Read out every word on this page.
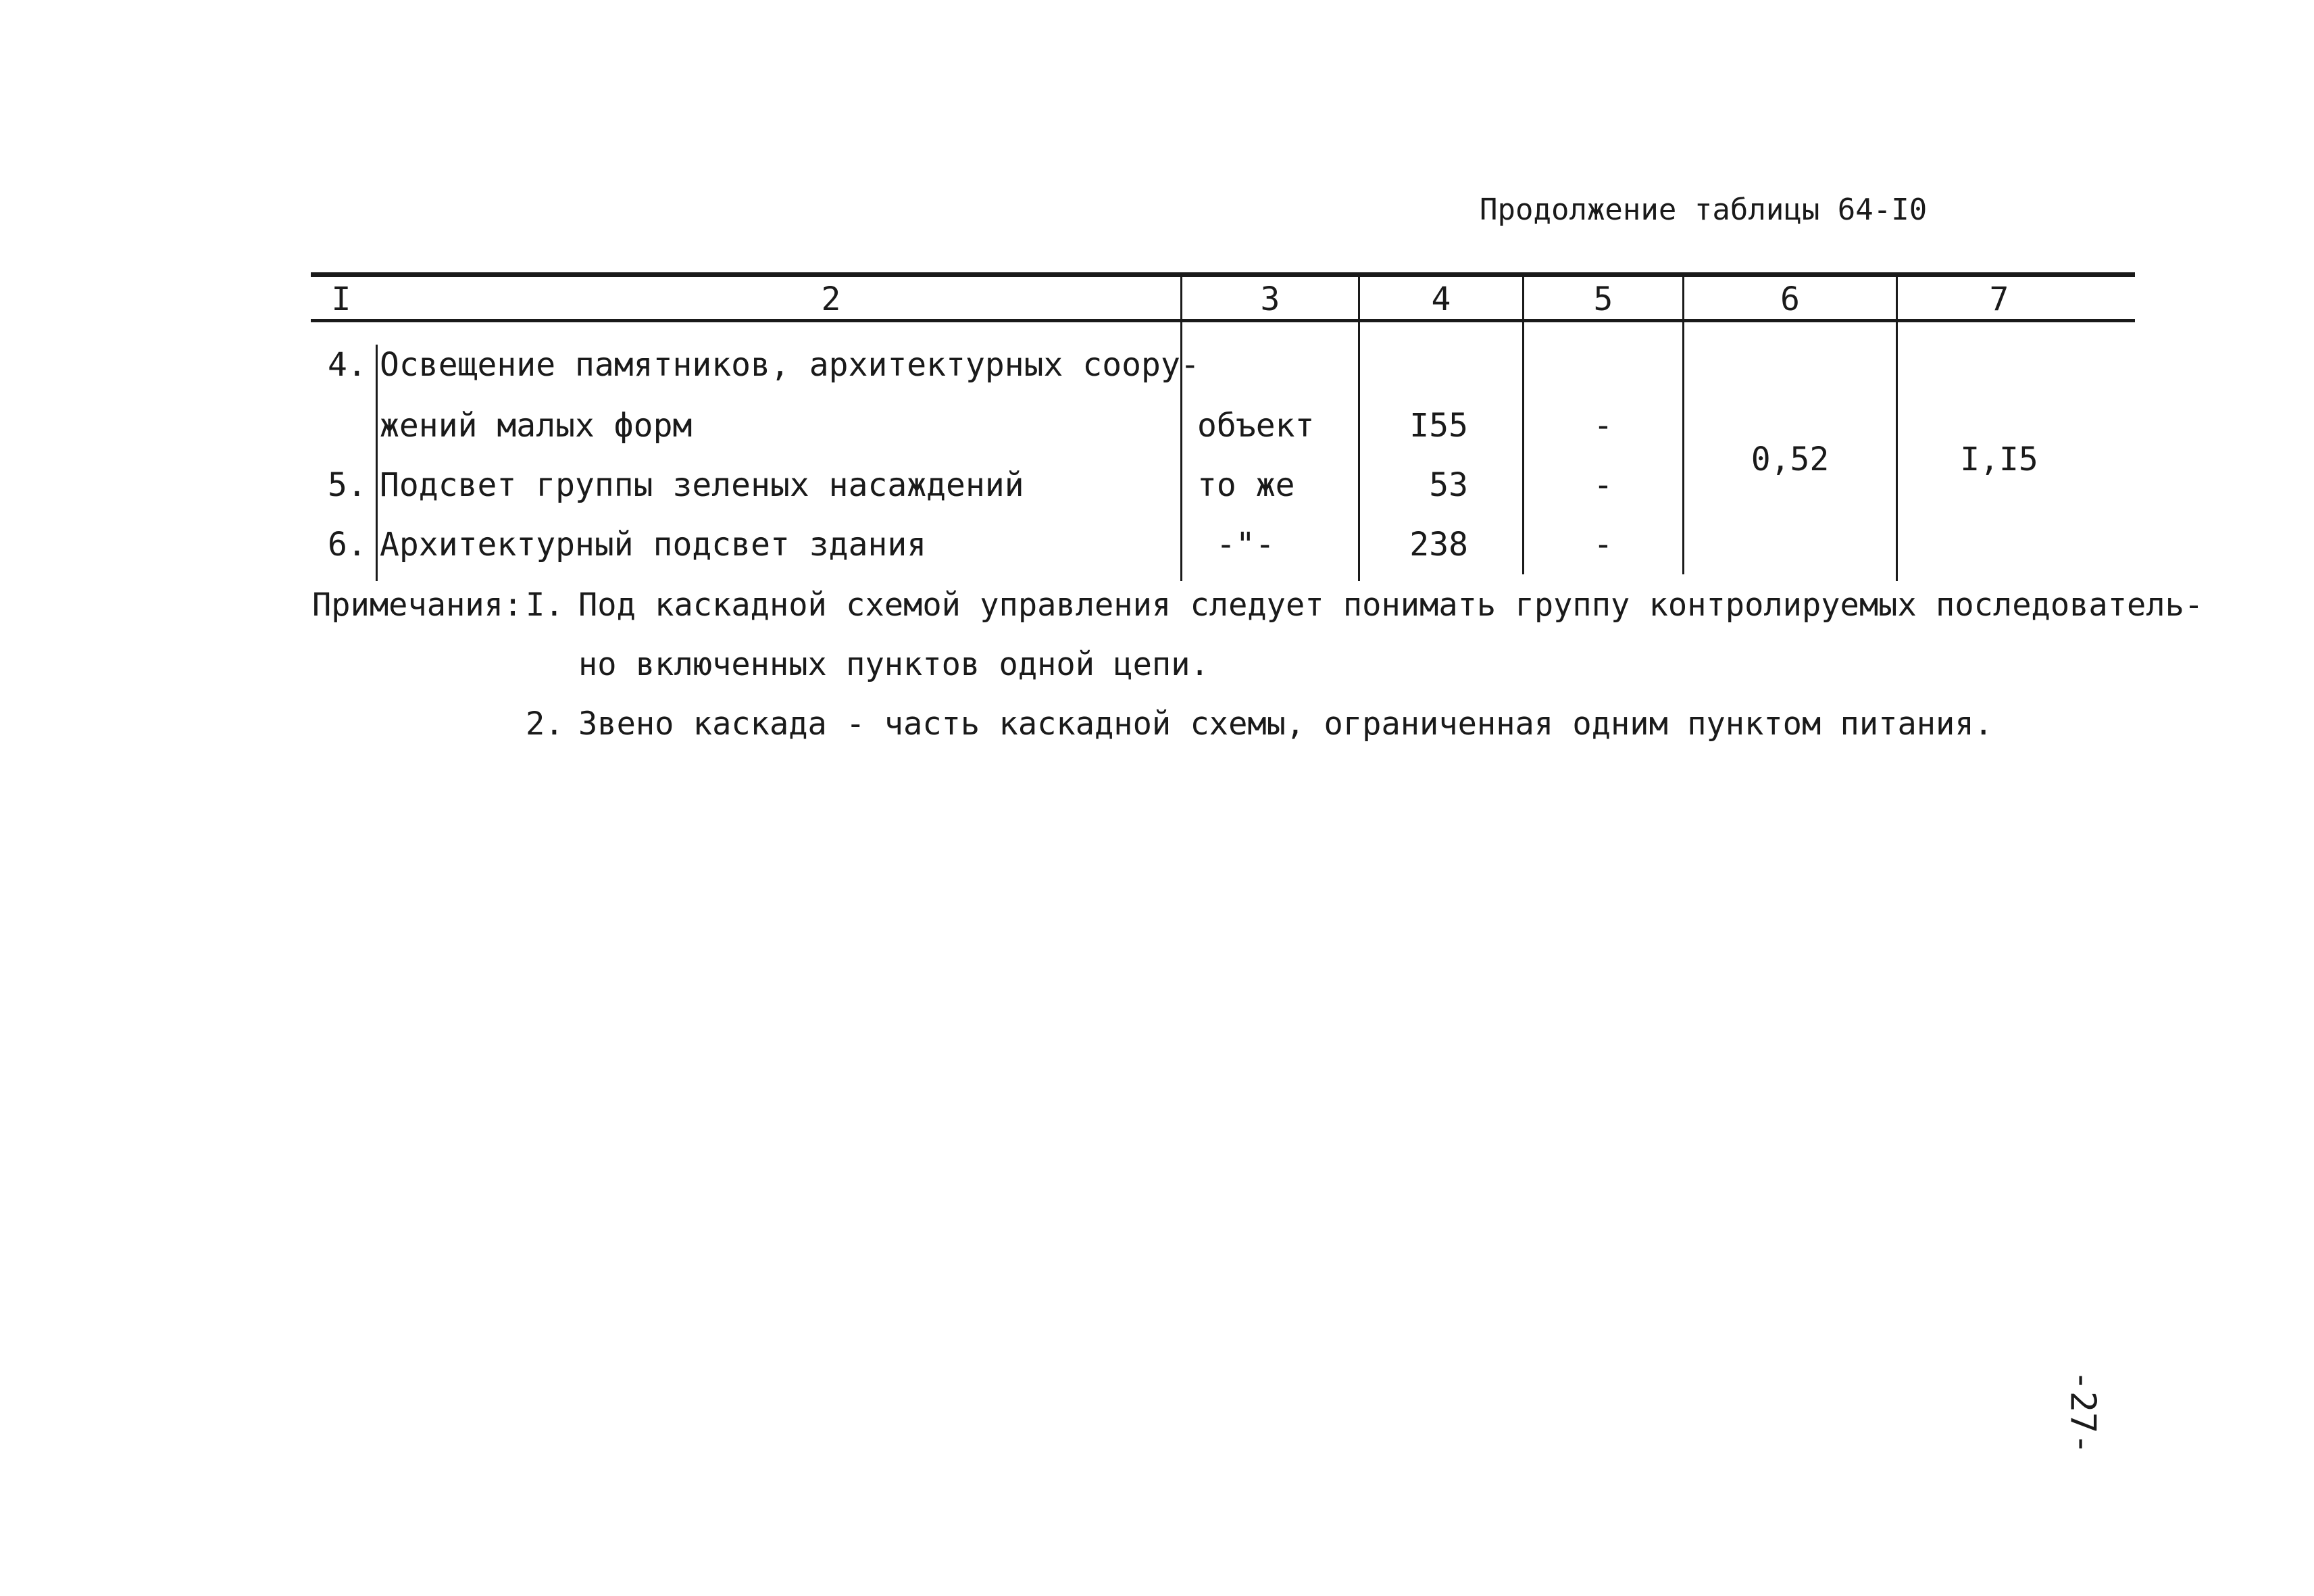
Продолжение таблицы 64-I0
I	2	3	4	5	6	7
4. Освещение памятников, архитектурных соору-
жений малых форм	объект	I55	-
5. Подсвет группы зеленых насаждений	то же	53	-
6. Архитектурный подсвет здания	-"-	238	-
0,52	I,I5
Примечания: I. Под каскадной схемой управления следует понимать группу контролируемых последователь-
но включенных пунктов одной цепи.
2. Звено каскада - часть каскадной схемы, ограниченная одним пунктом питания.
-27-
